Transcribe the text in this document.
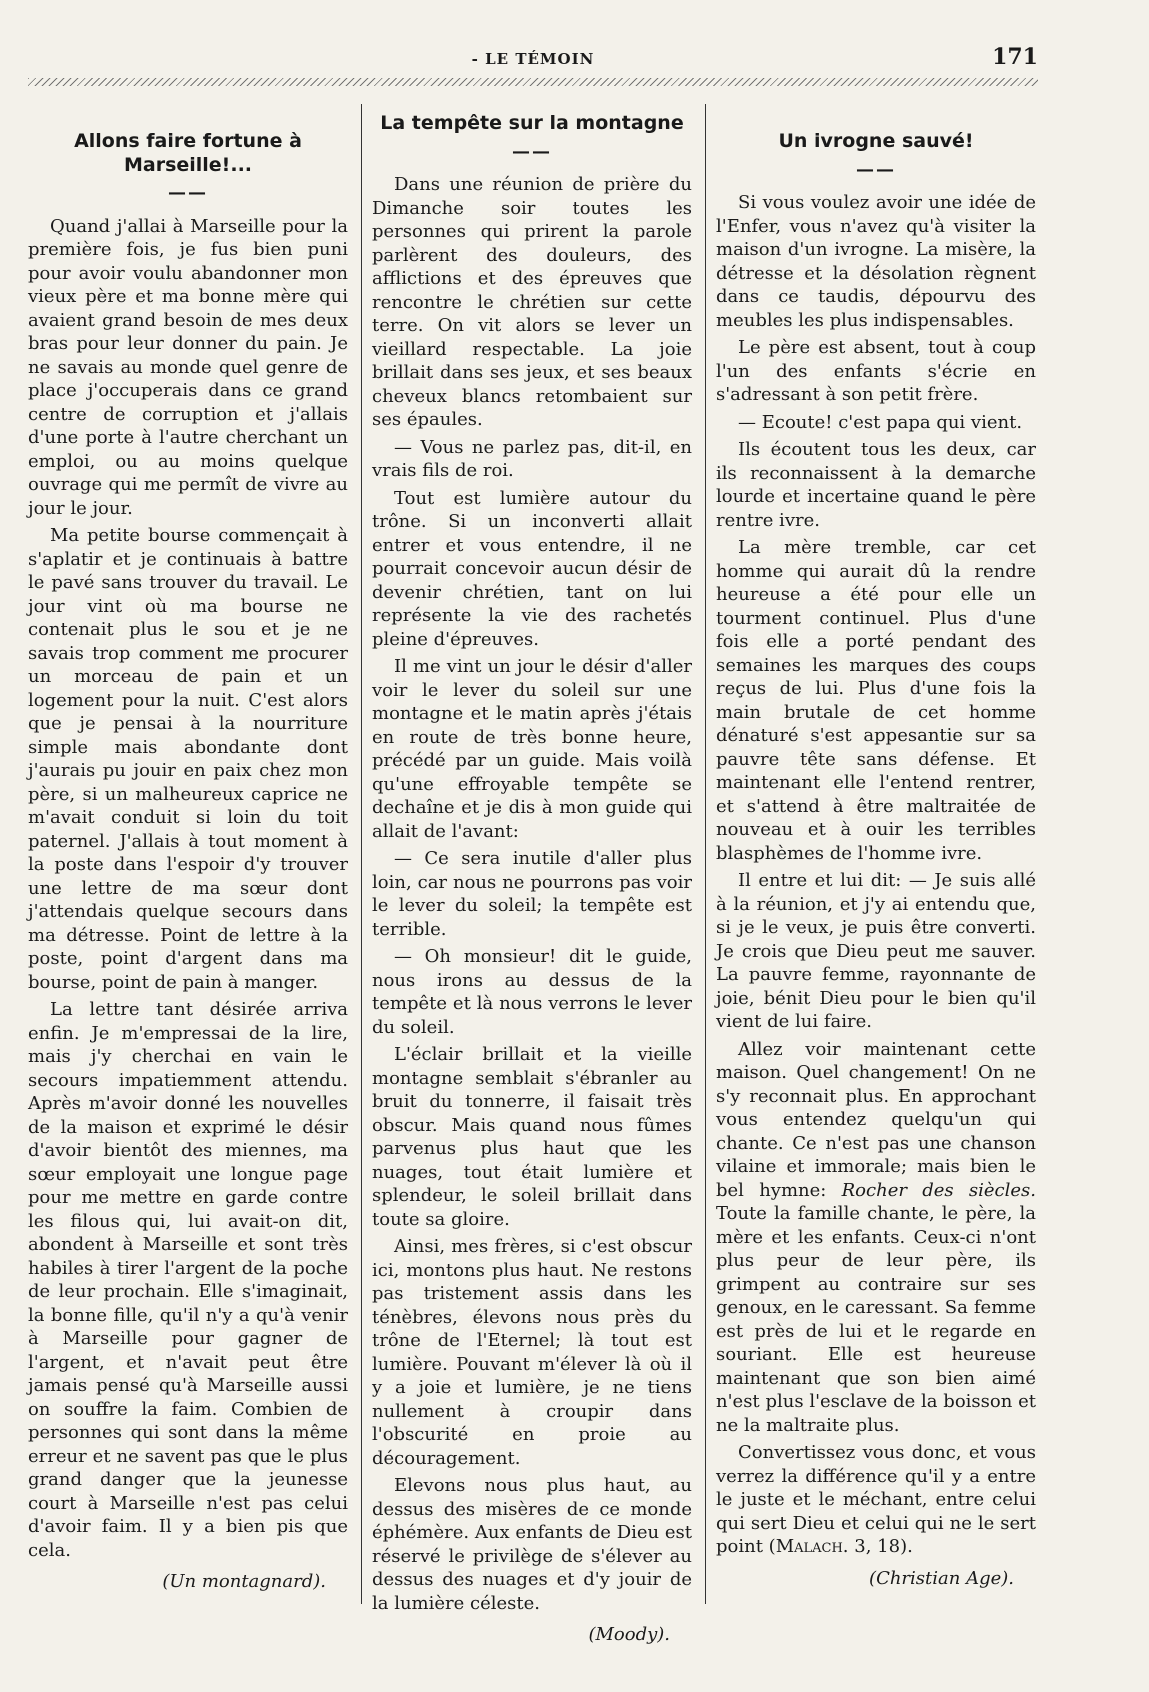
- LE TÉMOIN	171
Allons faire fortune à Marseille!...
——

Quand j'allai à Marseille pour la première fois, je fus bien puni pour avoir voulu abandonner mon vieux père et ma bonne mère qui avaient grand besoin de mes deux bras pour leur donner du pain. Je ne savais au monde quel genre de place j'occuperais dans ce grand centre de corruption et j'allais d'une porte à l'autre cherchant un emploi, ou au moins quelque ouvrage qui me permît de vivre au jour le jour.

Ma petite bourse commençait à s'aplatir et je continuais à battre le pavé sans trouver du travail. Le jour vint où ma bourse ne contenait plus le sou et je ne savais trop comment me procurer un morceau de pain et un logement pour la nuit. C'est alors que je pensai à la nourriture simple mais abondante dont j'aurais pu jouir en paix chez mon père, si un malheureux caprice ne m'avait conduit si loin du toit paternel. J'allais à tout moment à la poste dans l'espoir d'y trouver une lettre de ma sœur dont j'attendais quelque secours dans ma détresse. Point de lettre à la poste, point d'argent dans ma bourse, point de pain à manger.

La lettre tant désirée arriva enfin. Je m'empressai de la lire, mais j'y cherchai en vain le secours impatiemment attendu. Après m'avoir donné les nouvelles de la maison et exprimé le désir d'avoir bientôt des miennes, ma sœur employait une longue page pour me mettre en garde contre les filous qui, lui avait-on dit, abondent à Marseille et sont très habiles à tirer l'argent de la poche de leur prochain. Elle s'imaginait, la bonne fille, qu'il n'y a qu'à venir à Marseille pour gagner de l'argent, et n'avait peut être jamais pensé qu'à Marseille aussi on souffre la faim. Combien de personnes qui sont dans la même erreur et ne savent pas que le plus grand danger que la jeunesse court à Marseille n'est pas celui d'avoir faim. Il y a bien pis que cela.

(Un montagnard).
La tempête sur la montagne
——

Dans une réunion de prière du Dimanche soir toutes les personnes qui prirent la parole parlèrent des douleurs, des afflictions et des épreuves que rencontre le chrétien sur cette terre. On vit alors se lever un vieillard respectable. La joie brillait dans ses jeux, et ses beaux cheveux blancs retombaient sur ses épaules.

— Vous ne parlez pas, dit-il, en vrais fils de roi.

Tout est lumière autour du trône. Si un inconverti allait entrer et vous entendre, il ne pourrait concevoir aucun désir de devenir chrétien, tant on lui représente la vie des rachetés pleine d'épreuves.

Il me vint un jour le désir d'aller voir le lever du soleil sur une montagne et le matin après j'étais en route de très bonne heure, précédé par un guide. Mais voilà qu'une effroyable tempête se dechaîne et je dis à mon guide qui allait de l'avant:

— Ce sera inutile d'aller plus loin, car nous ne pourrons pas voir le lever du soleil; la tempête est terrible.

— Oh monsieur! dit le guide, nous irons au dessus de la tempête et là nous verrons le lever du soleil.

L'éclair brillait et la vieille montagne semblait s'ébranler au bruit du tonnerre, il faisait très obscur. Mais quand nous fûmes parvenus plus haut que les nuages, tout était lumière et splendeur, le soleil brillait dans toute sa gloire.

Ainsi, mes frères, si c'est obscur ici, montons plus haut. Ne restons pas tristement assis dans les ténèbres, élevons nous près du trône de l'Eternel; là tout est lumière. Pouvant m'élever là où il y a joie et lumière, je ne tiens nullement à croupir dans l'obscurité en proie au découragement.

Elevons nous plus haut, au dessus des misères de ce monde éphémère. Aux enfants de Dieu est réservé le privilège de s'élever au dessus des nuages et d'y jouir de la lumière céleste.

(Moody).
Un ivrogne sauvé!
——

Si vous voulez avoir une idée de l'Enfer, vous n'avez qu'à visiter la maison d'un ivrogne. La misère, la détresse et la désolation règnent dans ce taudis, dépourvu des meubles les plus indispensables.

Le père est absent, tout à coup l'un des enfants s'écrie en s'adressant à son petit frère.

— Ecoute! c'est papa qui vient.

Ils écoutent tous les deux, car ils reconnaissent à la demarche lourde et incertaine quand le père rentre ivre.

La mère tremble, car cet homme qui aurait dû la rendre heureuse a été pour elle un tourment continuel. Plus d'une fois elle a porté pendant des semaines les marques des coups reçus de lui. Plus d'une fois la main brutale de cet homme dénaturé s'est appesantie sur sa pauvre tête sans défense. Et maintenant elle l'entend rentrer, et s'attend à être maltraitée de nouveau et à ouir les terribles blasphèmes de l'homme ivre.

Il entre et lui dit: — Je suis allé à la réunion, et j'y ai entendu que, si je le veux, je puis être converti. Je crois que Dieu peut me sauver. La pauvre femme, rayonnante de joie, bénit Dieu pour le bien qu'il vient de lui faire.

Allez voir maintenant cette maison. Quel changement! On ne s'y reconnait plus. En approchant vous entendez quelqu'un qui chante. Ce n'est pas une chanson vilaine et immorale; mais bien le bel hymne: Rocher des siècles. Toute la famille chante, le père, la mère et les enfants. Ceux-ci n'ont plus peur de leur père, ils grimpent au contraire sur ses genoux, en le caressant. Sa femme est près de lui et le regarde en souriant. Elle est heureuse maintenant que son bien aimé n'est plus l'esclave de la boisson et ne la maltraite plus.

Convertissez vous donc, et vous verrez la différence qu'il y a entre le juste et le méchant, entre celui qui sert Dieu et celui qui ne le sert point (Malach. 3, 18).

(Christian Age).
